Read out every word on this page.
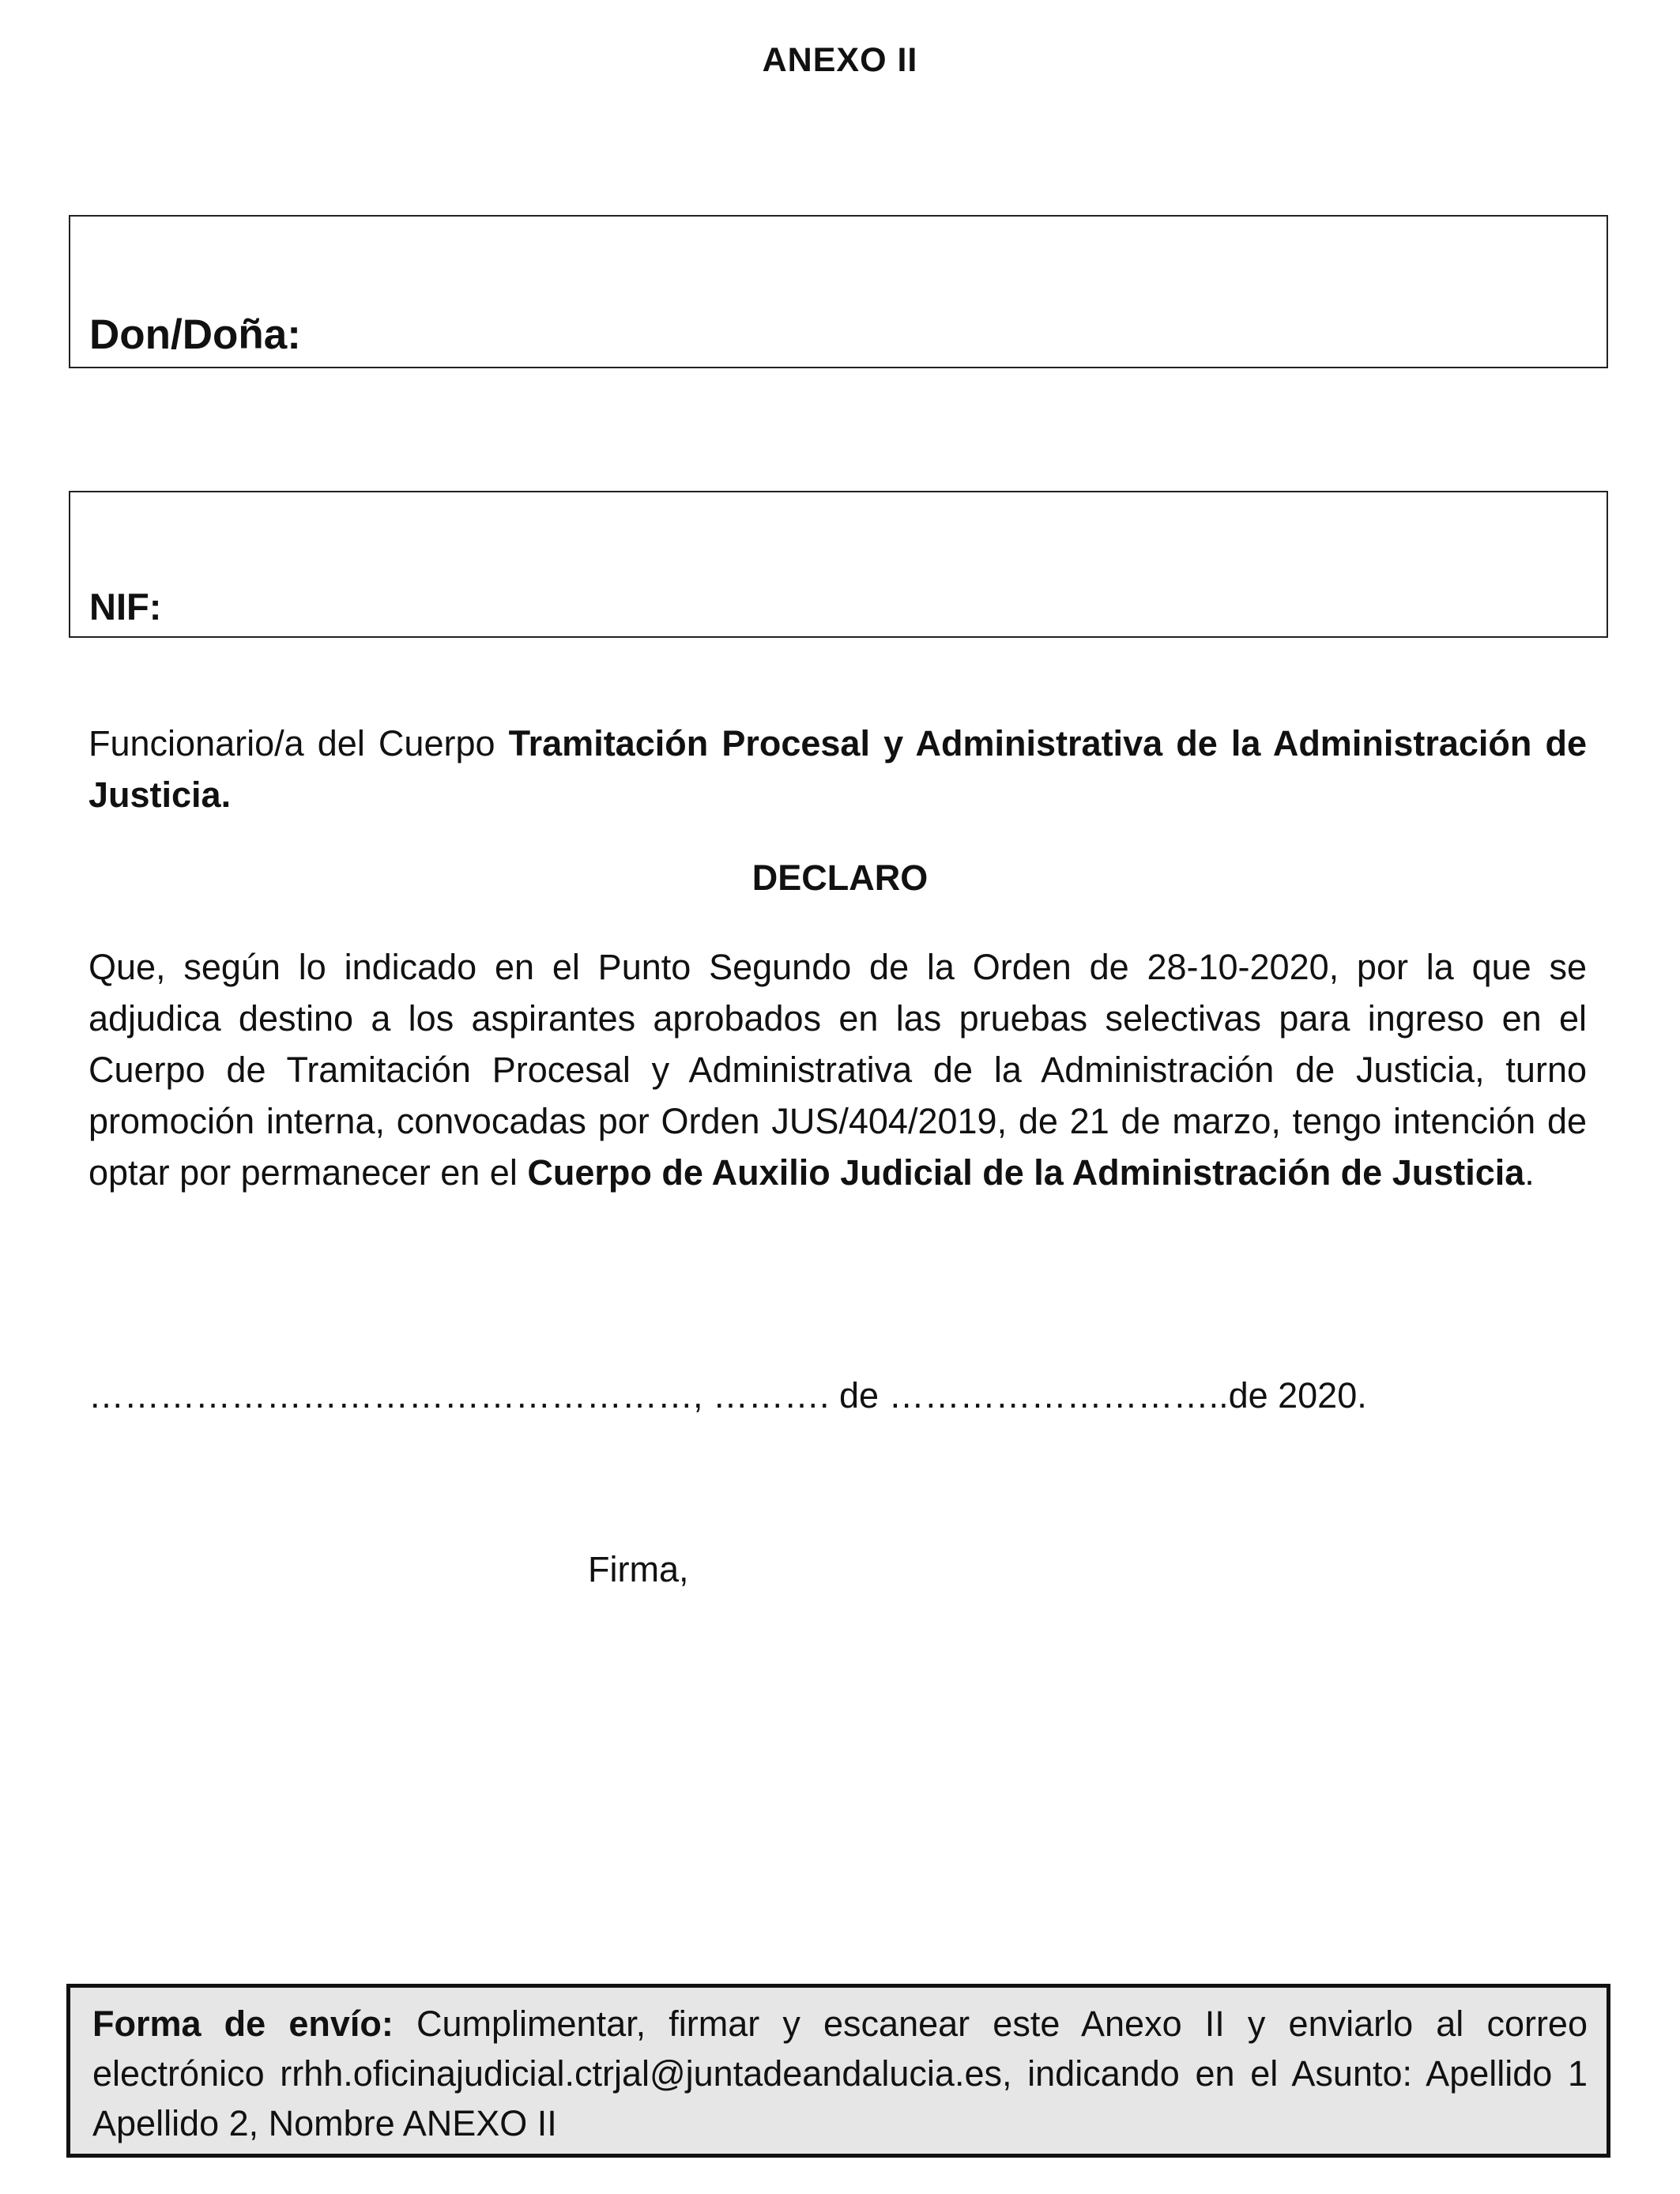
ANEXO II
Don/Doña:
NIF:
Funcionario/a del Cuerpo Tramitación Procesal y Administrativa de la Administración de Justicia.
DECLARO
Que, según lo indicado en el Punto Segundo de la Orden de 28-10-2020, por la que se adjudica destino a los aspirantes aprobados en las pruebas selectivas para ingreso en el Cuerpo de Tramitación Procesal y Administrativa de la Administración de Justicia, turno promoción interna, convocadas por Orden JUS/404/2019, de 21 de marzo, tengo intención de optar por permanecer en el Cuerpo de Auxilio Judicial de la Administración de Justicia.
……………………………………………, ………. de ………………………..de 2020.
Firma,
Forma de envío: Cumplimentar, firmar y escanear este Anexo II y enviarlo al correo electrónico rrhh.oficinajudicial.ctrjal@juntadeandalucia.es, indicando en el Asunto: Apellido 1 Apellido 2, Nombre ANEXO II
